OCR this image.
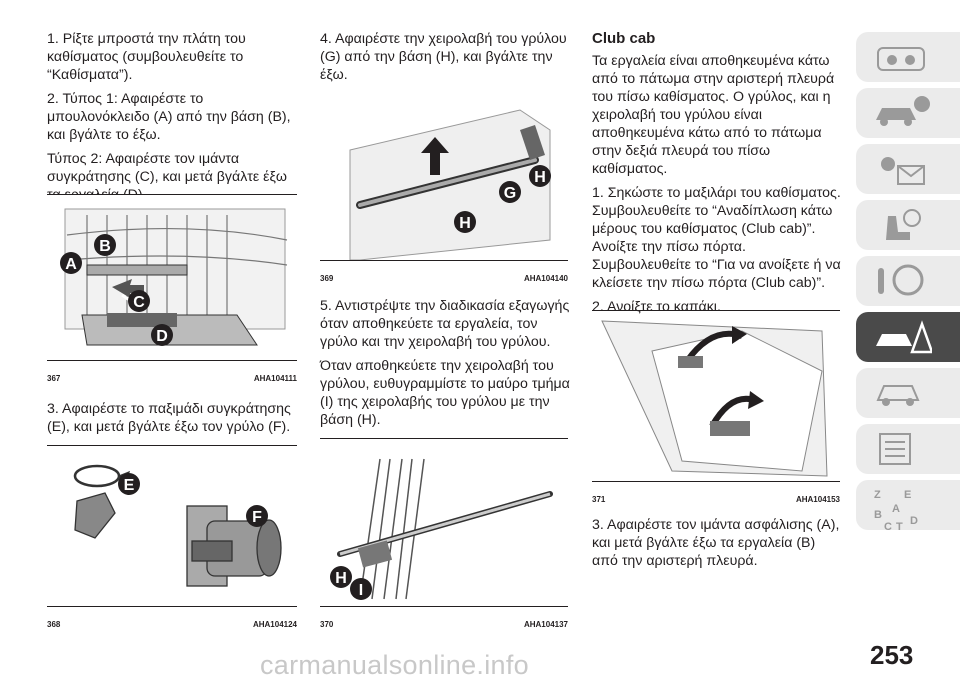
1. Ρίξτε μπροστά την πλάτη του καθίσματος (συμβουλευθείτε το “Καθίσματα”).

2. Τύπος 1: Αφαιρέστε το μπουλονόκλειδο (A) από την βάση (B), και βγάλτε το έξω.

Τύπος 2: Αφαιρέστε τον ιμάντα συγκράτησης (C), και μετά βγάλτε έξω

A
B
C
D
367	AHA104111

3. Αφαιρέστε το παξιμάδι συγκράτησης (E), και μετά βγάλτε έξω τον γρύλο (F).

E
F
368	AHA104124

4. Αφαιρέστε την χειρολαβή του γρύλου (G) από την βάση (H), και βγάλτε την έξω.

H
G
H
369	AHA104140

5. Αντιστρέψτε την διαδικασία εξαγωγής όταν αποθηκεύετε τα εργαλεία, τον γρύλο και την χειρολαβή του γρύλου.

Όταν αποθηκεύετε την χειρολαβή του γρύλου, ευθυγραμμίστε το μαύρο τμήμα (I) της χειρολαβής του γρύλου με την βάση (H).

H
I
370	AHA104137

Club cab

Τα εργαλεία είναι αποθηκευμένα κάτω από το πάτωμα στην αριστερή πλευρά του πίσω καθίσματος. Ο γρύλος, και η χειρολαβή του γρύλου είναι αποθηκευμένα κάτω από το πάτωμα στην δεξιά πλευρά του πίσω καθίσματος.

1. Σηκώστε το μαξιλάρι του καθίσματος. Συμβουλευθείτε το “Αναδίπλωση κάτω μέρους του καθίσματος (Club cab)”. Ανοίξτε την πίσω πόρτα. Συμβουλευθείτε το “Για να ανοίξετε ή να κλείσετε την πίσω πόρτα (Club cab)”.

2. Ανοίξτε το καπάκι.

371	AHA104153

3. Αφαιρέστε τον ιμάντα ασφάλισης (A), και μετά βγάλτε έξω τα εργαλεία (B) από την αριστερή πλευρά.

Z E
A
B
C T D
253
carmanualsonline.info
